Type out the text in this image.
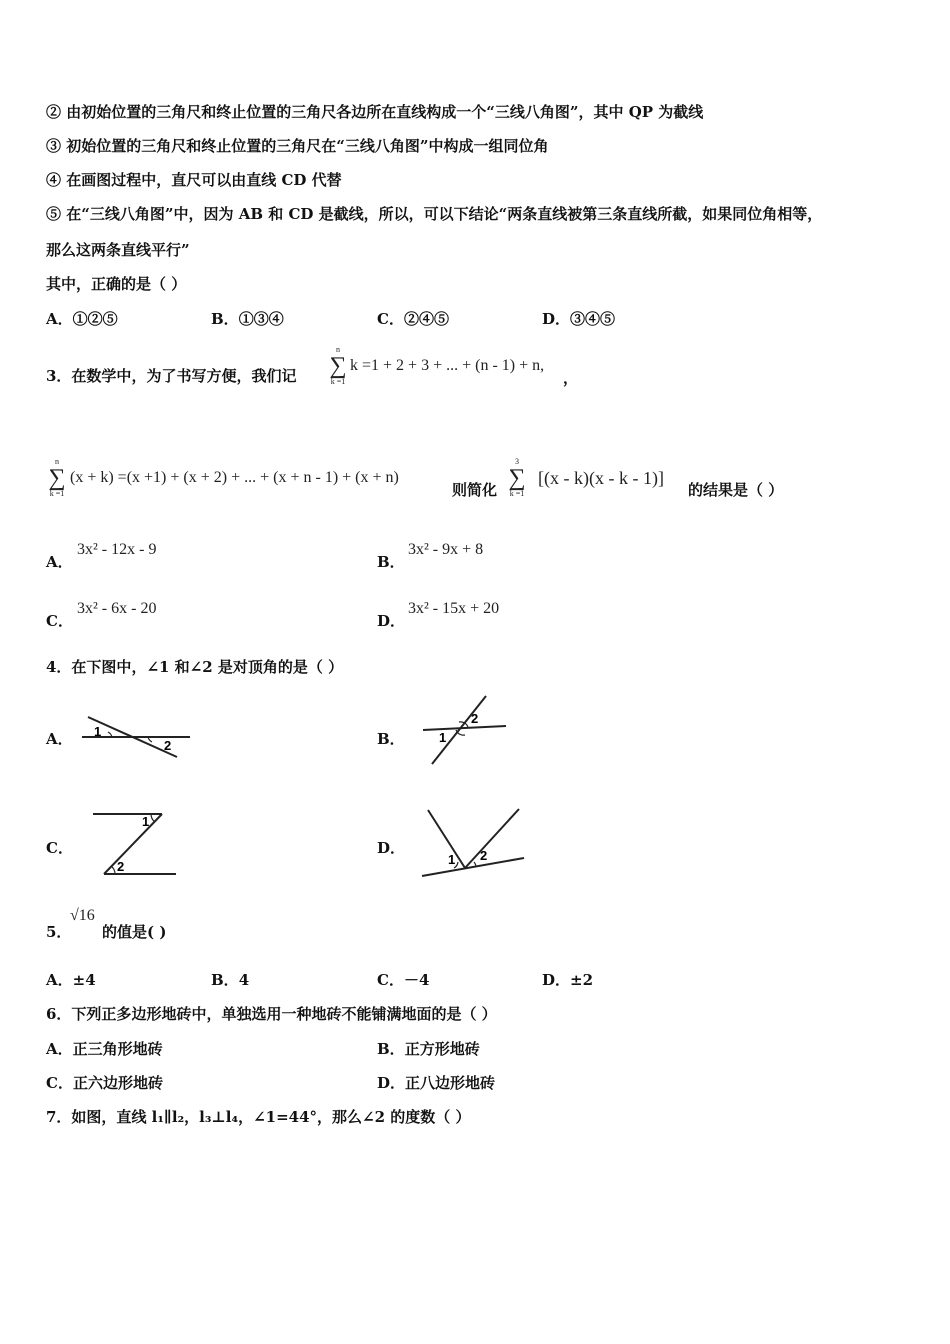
② 由初始位置的三角尺和终止位置的三角尺各边所在直线构成一个“三线八角图”，其中 QP 为截线
③ 初始位置的三角尺和终止位置的三角尺在“三线八角图”中构成一组同位角
④ 在画图过程中，直尺可以由直线 CD 代替
⑤ 在“三线八角图”中，因为 AB 和 CD 是截线，所以，可以下结论“两条直线被第三条直线所截，如果同位角相等，
那么这两条直线平行”
其中，正确的是（ ）
A．①②⑤	B．①③④	C．②④⑤	D．③④⑤
3．在数学中，为了书写方便，我们记
n
∑
k =1
k =1 + 2 + 3 + ... + (n - 1) + n,
，
n
∑
k =1
(x + k) =(x +1) + (x + 2) + ... + (x + n - 1) + (x + n)
则简化
3
∑
k =1
[(x - k)(x - k - 1)]
的结果是（ ）
A．
3x² - 12x - 9
B．
3x² - 9x + 8
C．
3x² - 6x - 20
D．
3x² - 15x + 20
4．在下图中，∠1 和∠2 是对顶角的是（ ）
A． 1
2	B．	1
2
C．
1
2
D．
1 2
5．
√16
的值是( )
A．±4	B．4	C．－4	D．±2
6．下列正多边形地砖中，单独选用一种地砖不能铺满地面的是（ ）
A．正三角形地砖	B．正方形地砖
C．正六边形地砖	D．正八边形地砖
7．如图，直线 l₁∥l₂，l₃⊥l₄，∠1=44°，那么∠2 的度数（ ）
